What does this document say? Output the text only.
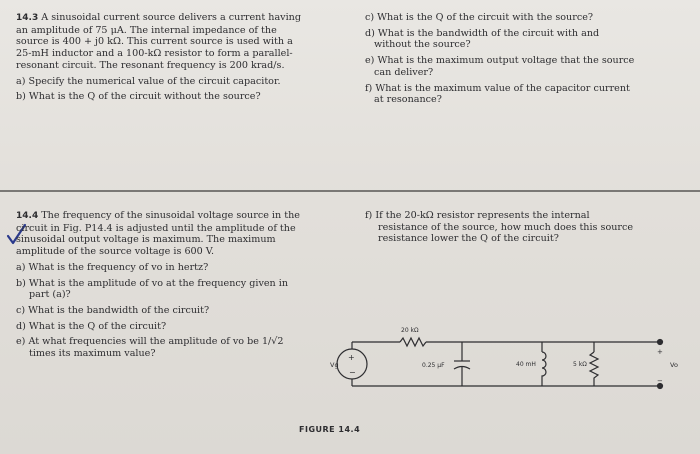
14.3 A sinusoidal current source delivers a current having an amplitude of 75 μA. The internal impedance of the source is 400 + j0 kΩ. This current source is used with a 25-mH inductor and a 100-kΩ resistor to form a parallel-resonant circuit. The resonant frequency is 200 krad/s.

a) Specify the numerical value of the circuit capacitor.
b) What is the Q of the circuit without the source?
c) What is the Q of the circuit with the source?
d) What is the bandwidth of the circuit with and without the source?
e) What is the maximum output voltage that the source can deliver?
f) What is the maximum value of the capacitor current at resonance?

14.4 The frequency of the sinusoidal voltage source in the circuit in Fig. P14.4 is adjusted until the amplitude of the sinusoidal output voltage is maximum. The maximum amplitude of the source voltage is 600 V.

a) What is the frequency of vo in hertz?
b) What is the amplitude of vo at the frequency given in part (a)?
c) What is the bandwidth of the circuit?
d) What is the Q of the circuit?
e) At what frequencies will the amplitude of vo be 1/√2 times its maximum value?
f) If the 20-kΩ resistor represents the internal resistance of the source, how much does this source resistance lower the Q of the circuit?
+
−
Vg
20 kΩ
0.25 μF	40 mH	5 kΩ
+
−
Vo
FIGURE 14.4
